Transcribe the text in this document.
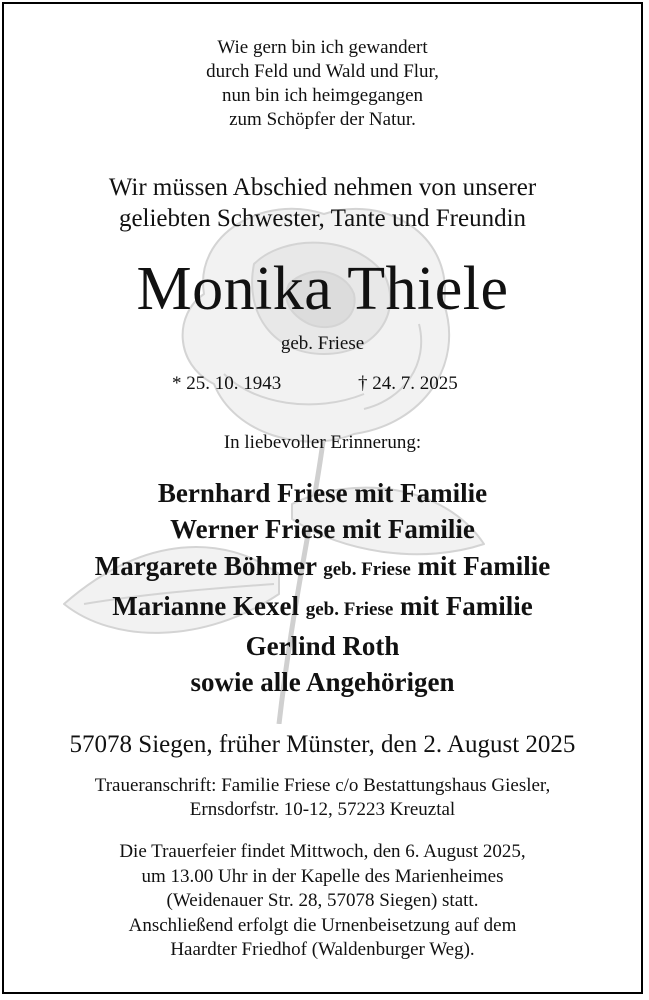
Wie gern bin ich gewandert
durch Feld und Wald und Flur,
nun bin ich heimgegangen
zum Schöpfer der Natur.
Wir müssen Abschied nehmen von unserer
geliebten Schwester, Tante und Freundin
Monika Thiele
geb. Friese
* 25. 10. 1943	† 24. 7. 2025
In liebevoller Erinnerung:
Bernhard Friese mit Familie
Werner Friese mit Familie
Margarete Böhmer geb. Friese mit Familie
Marianne Kexel geb. Friese mit Familie
Gerlind Roth
sowie alle Angehörigen
57078 Siegen, früher Münster, den 2. August 2025
Traueranschrift: Familie Friese c/o Bestattungshaus Giesler,
Ernsdorfstr. 10-12, 57223 Kreuztal
Die Trauerfeier findet Mittwoch, den 6. August 2025,
um 13.00 Uhr in der Kapelle des Marienheimes
(Weidenauer Str. 28, 57078 Siegen) statt.
Anschließend erfolgt die Urnenbeisetzung auf dem
Haardter Friedhof (Waldenburger Weg).
